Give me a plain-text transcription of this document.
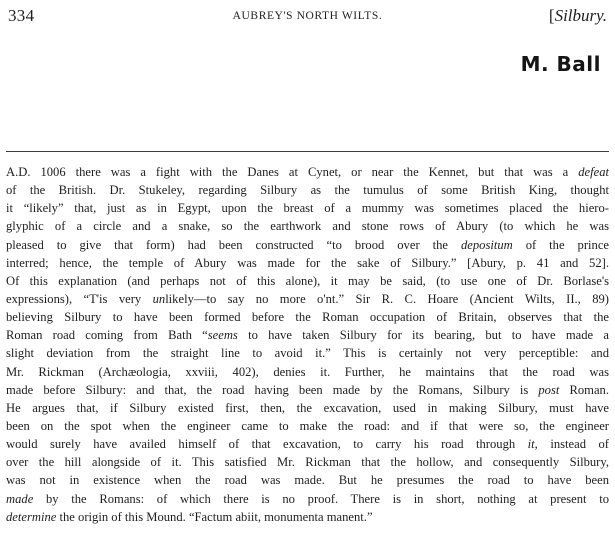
334	AUBREY'S NORTH WILTS.	[Silbury.
M. Ball
A.D. 1006 there was a fight with the Danes at Cynet, or near the Kennet, but that was a defeat
of the British. Dr. Stukeley, regarding Silbury as the tumulus of some British King, thought
it “likely” that, just as in Egypt, upon the breast of a mummy was sometimes placed the hiero-
glyphic of a circle and a snake, so the earthwork and stone rows of Abury (to which he was
pleased to give that form) had been constructed “to brood over the depositum of the prince
interred; hence, the temple of Abury was made for the sake of Silbury.” [Abury, p. 41 and 52].
Of this explanation (and perhaps not of this alone), it may be said, (to use one of Dr. Borlase's
expressions), “T'is very unlikely—to say no more o'nt.” Sir R. C. Hoare (Ancient Wilts, II., 89)
believing Silbury to have been formed before the Roman occupation of Britain, observes that the
Roman road coming from Bath “seems to have taken Silbury for its bearing, but to have made a
slight deviation from the straight line to avoid it.” This is certainly not very perceptible: and
Mr. Rickman (Archæologia, xxviii, 402), denies it. Further, he maintains that the road was
made before Silbury: and that, the road having been made by the Romans, Silbury is post Roman.
He argues that, if Silbury existed first, then, the excavation, used in making Silbury, must have
been on the spot when the engineer came to make the road: and if that were so, the engineer
would surely have availed himself of that excavation, to carry his road through it, instead of
over the hill alongside of it. This satisfied Mr. Rickman that the hollow, and consequently Silbury,
was not in existence when the road was made. But he presumes the road to have been
made by the Romans: of which there is no proof. There is in short, nothing at present to
determine the origin of this Mound. “Factum abiit, monumenta manent.”
